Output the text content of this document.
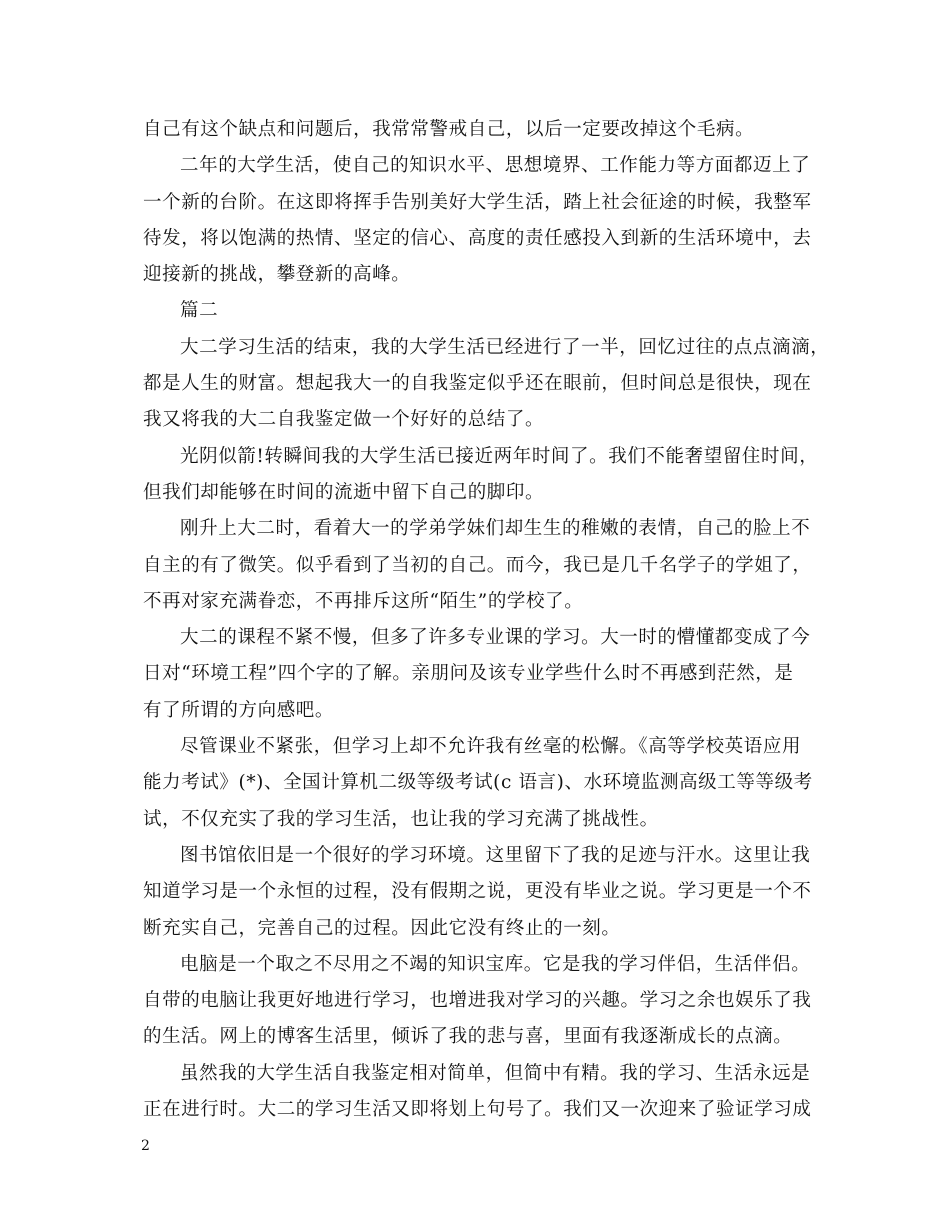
自己有这个缺点和问题后，我常常警戒自己，以后一定要改掉这个毛病。
二年的大学生活，使自己的知识水平、思想境界、工作能力等方面都迈上了
一个新的台阶。在这即将挥手告别美好大学生活，踏上社会征途的时候，我整军
待发，将以饱满的热情、坚定的信心、高度的责任感投入到新的生活环境中，去
迎接新的挑战，攀登新的高峰。
篇二
大二学习生活的结束，我的大学生活已经进行了一半，回忆过往的点点滴滴，
都是人生的财富。想起我大一的自我鉴定似乎还在眼前，但时间总是很快，现在
我又将我的大二自我鉴定做一个好好的总结了。
光阴似箭!转瞬间我的大学生活已接近两年时间了。我们不能奢望留住时间，
但我们却能够在时间的流逝中留下自己的脚印。
刚升上大二时，看着大一的学弟学妹们却生生的稚嫩的表情，自己的脸上不
自主的有了微笑。似乎看到了当初的自己。而今，我已是几千名学子的学姐了，
不再对家充满眷恋，不再排斥这所“陌生”的学校了。
大二的课程不紧不慢，但多了许多专业课的学习。大一时的懵懂都变成了今
日对“环境工程”四个字的了解。亲朋问及该专业学些什么时不再感到茫然，是
有了所谓的方向感吧。
尽管课业不紧张，但学习上却不允许我有丝毫的松懈。《高等学校英语应用
能力考试》(*)、全国计算机二级等级考试(c 语言)、水环境监测高级工等等级考
试，不仅充实了我的学习生活，也让我的学习充满了挑战性。
图书馆依旧是一个很好的学习环境。这里留下了我的足迹与汗水。这里让我
知道学习是一个永恒的过程，没有假期之说，更没有毕业之说。学习更是一个不
断充实自己，完善自己的过程。因此它没有终止的一刻。
电脑是一个取之不尽用之不竭的知识宝库。它是我的学习伴侣，生活伴侣。
自带的电脑让我更好地进行学习，也增进我对学习的兴趣。学习之余也娱乐了我
的生活。网上的博客生活里，倾诉了我的悲与喜，里面有我逐渐成长的点滴。
虽然我的大学生活自我鉴定相对简单，但简中有精。我的学习、生活永远是
正在进行时。大二的学习生活又即将划上句号了。我们又一次迎来了验证学习成
2
